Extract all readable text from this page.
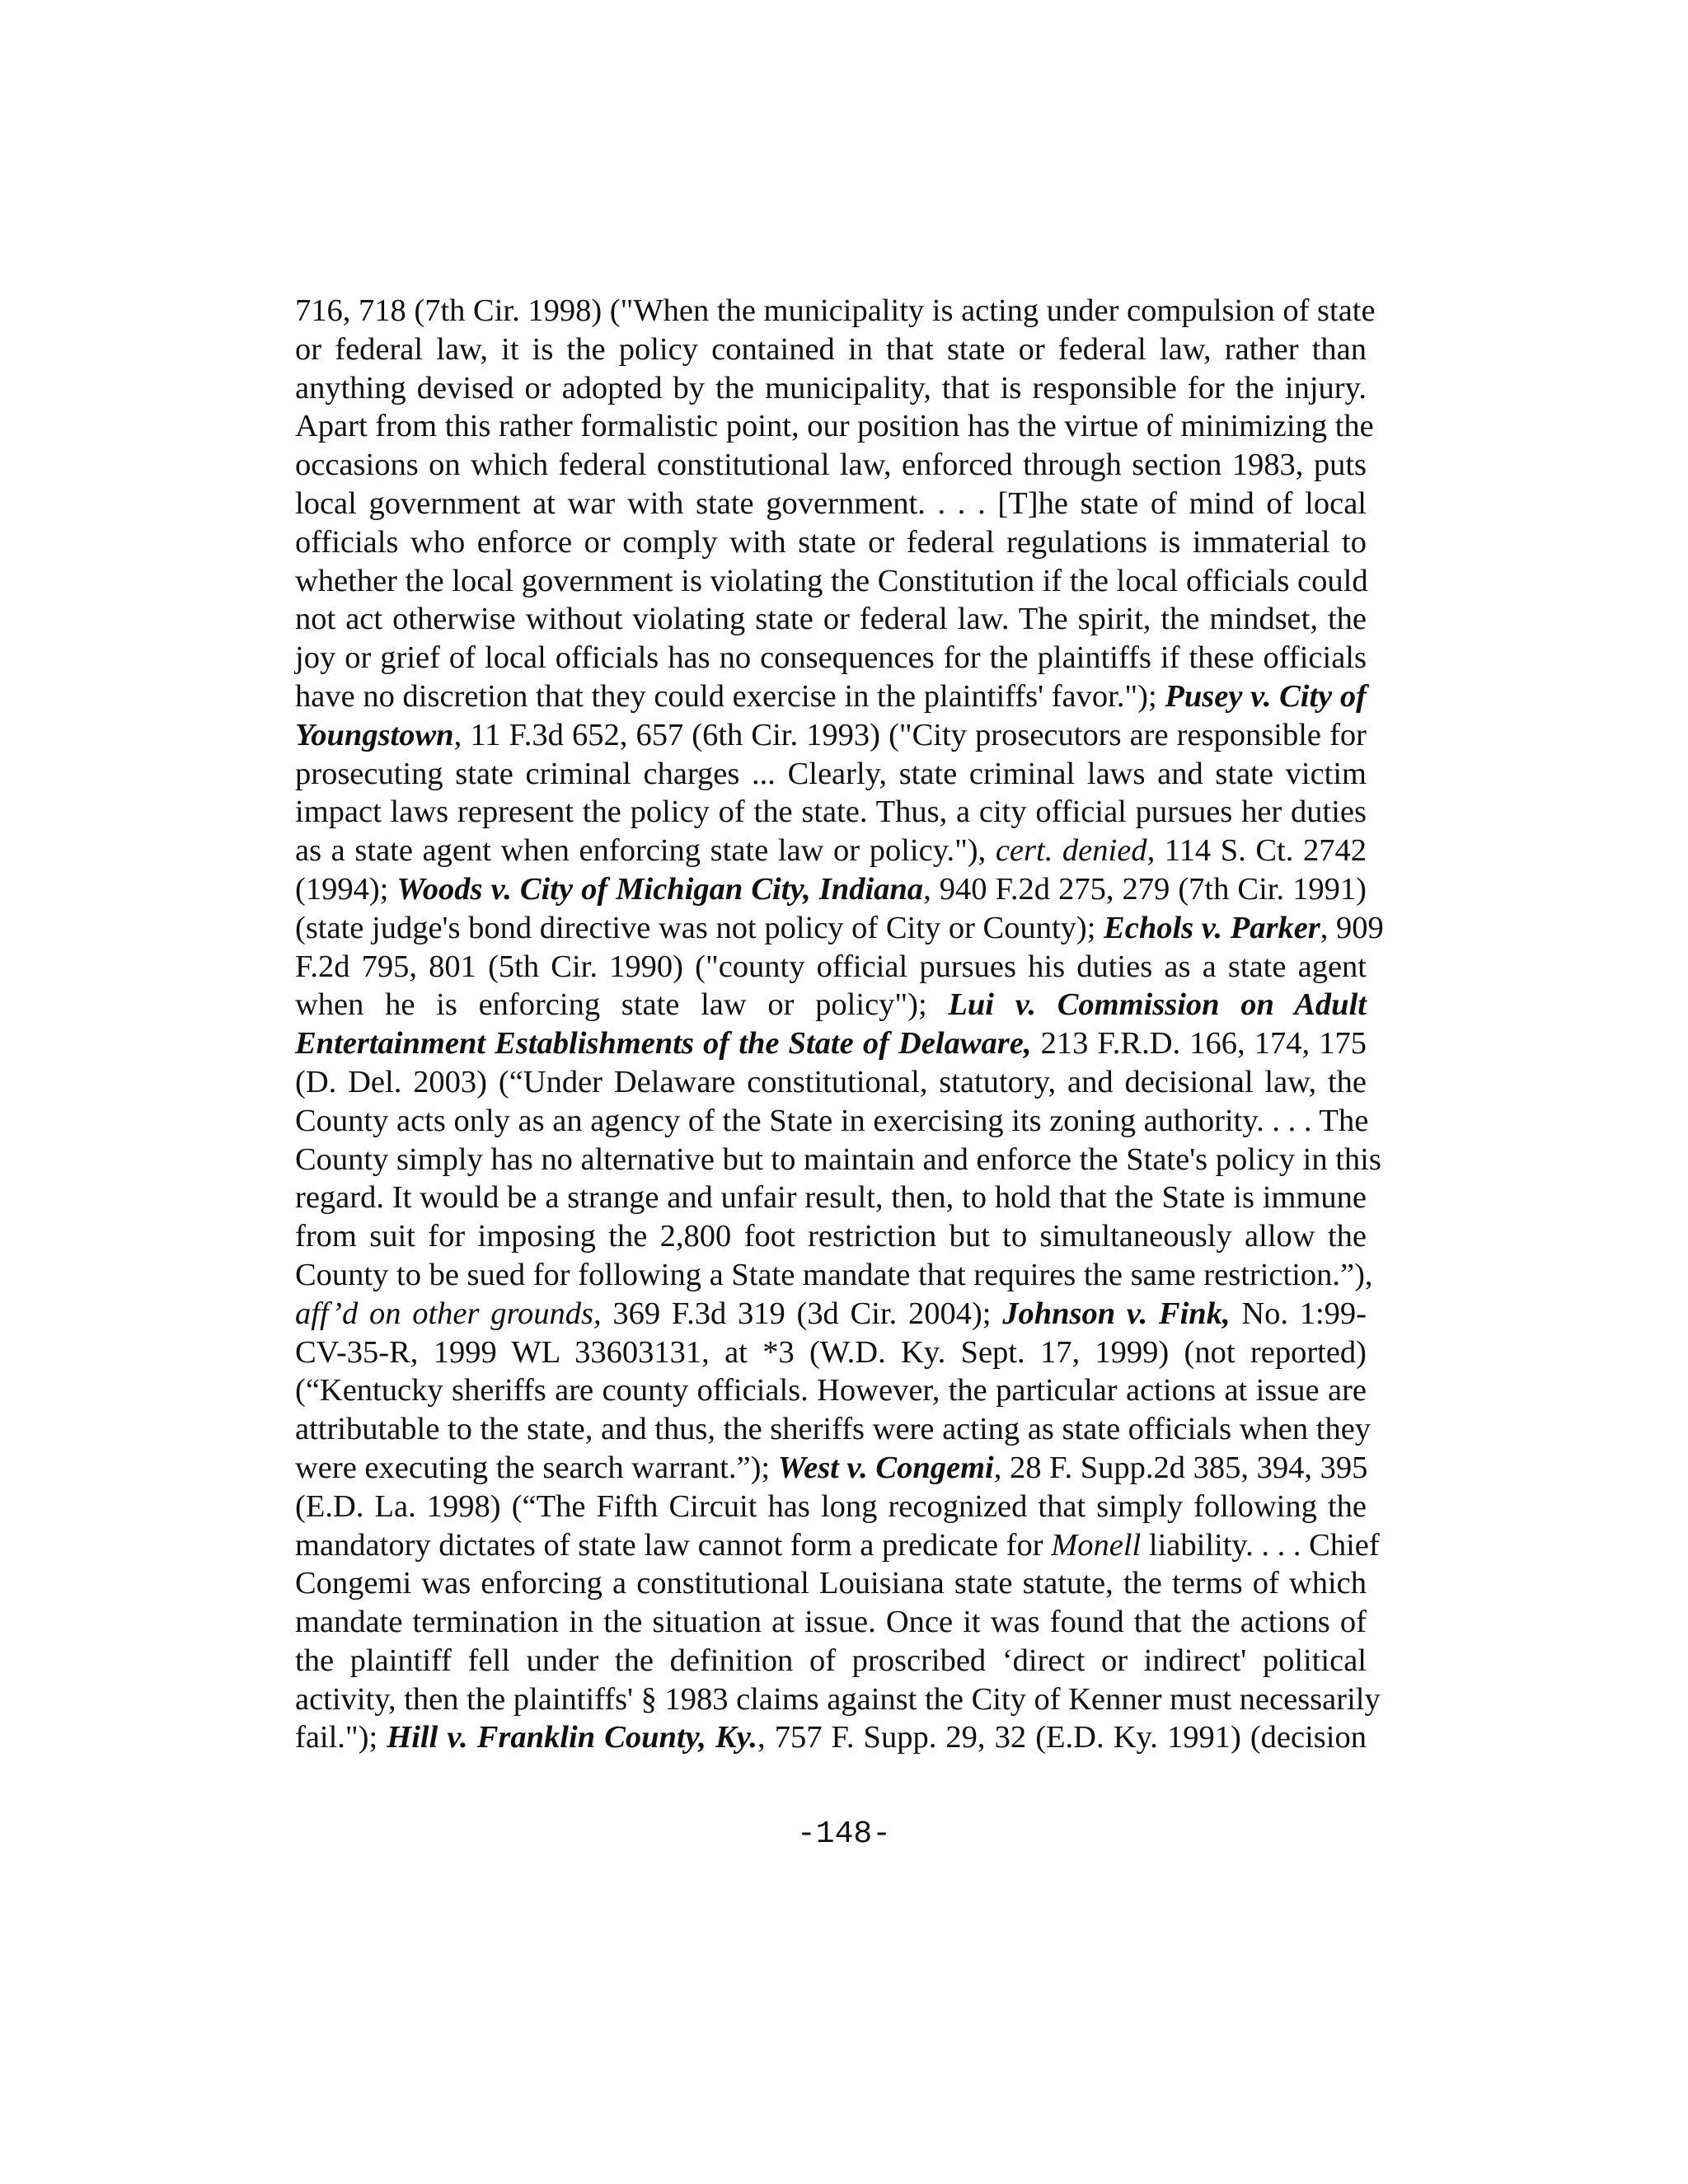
716, 718 (7th Cir. 1998) ("When the municipality is acting under compulsion of state
or federal law, it is the policy contained in that state or federal law, rather than
anything devised or adopted by the municipality, that is responsible for the injury.
Apart from this rather formalistic point, our position has the virtue of minimizing the
occasions on which federal constitutional law, enforced through section 1983, puts
local government at war with state government. . . . [T]he state of mind of local
officials who enforce or comply with state or federal regulations is immaterial to
whether the local government is violating the Constitution if the local officials could
not act otherwise without violating state or federal law. The spirit, the mindset, the
joy or grief of local officials has no consequences for the plaintiffs if these officials
have no discretion that they could exercise in the plaintiffs' favor."); Pusey v. City of
Youngstown, 11 F.3d 652, 657 (6th Cir. 1993) ("City prosecutors are responsible for
prosecuting state criminal charges ... Clearly, state criminal laws and state victim
impact laws represent the policy of the state. Thus, a city official pursues her duties
as a state agent when enforcing state law or policy."), cert. denied, 114 S. Ct. 2742
(1994); Woods v. City of Michigan City, Indiana, 940 F.2d 275, 279 (7th Cir. 1991)
(state judge's bond directive was not policy of City or County); Echols v. Parker, 909
F.2d 795, 801 (5th Cir. 1990) ("county official pursues his duties as a state agent
when he is enforcing state law or policy"); Lui v. Commission on Adult
Entertainment Establishments of the State of Delaware, 213 F.R.D. 166, 174, 175
(D. Del. 2003) (“Under Delaware constitutional, statutory, and decisional law, the
County acts only as an agency of the State in exercising its zoning authority. . . . The
County simply has no alternative but to maintain and enforce the State's policy in this
regard. It would be a strange and unfair result, then, to hold that the State is immune
from suit for imposing the 2,800 foot restriction but to simultaneously allow the
County to be sued for following a State mandate that requires the same restriction.”),
aff’d on other grounds, 369 F.3d 319 (3d Cir. 2004); Johnson v. Fink, No. 1:99-
CV-35-R, 1999 WL 33603131, at *3 (W.D. Ky. Sept. 17, 1999) (not reported)
(“Kentucky sheriffs are county officials. However, the particular actions at issue are
attributable to the state, and thus, the sheriffs were acting as state officials when they
were executing the search warrant.”); West v. Congemi, 28 F. Supp.2d 385, 394, 395
(E.D. La. 1998) (“The Fifth Circuit has long recognized that simply following the
mandatory dictates of state law cannot form a predicate for Monell liability. . . . Chief
Congemi was enforcing a constitutional Louisiana state statute, the terms of which
mandate termination in the situation at issue. Once it was found that the actions of
the plaintiff fell under the definition of proscribed ‘direct or indirect' political
activity, then the plaintiffs' § 1983 claims against the City of Kenner must necessarily
fail."); Hill v. Franklin County, Ky., 757 F. Supp. 29, 32 (E.D. Ky. 1991) (decision
-148-
